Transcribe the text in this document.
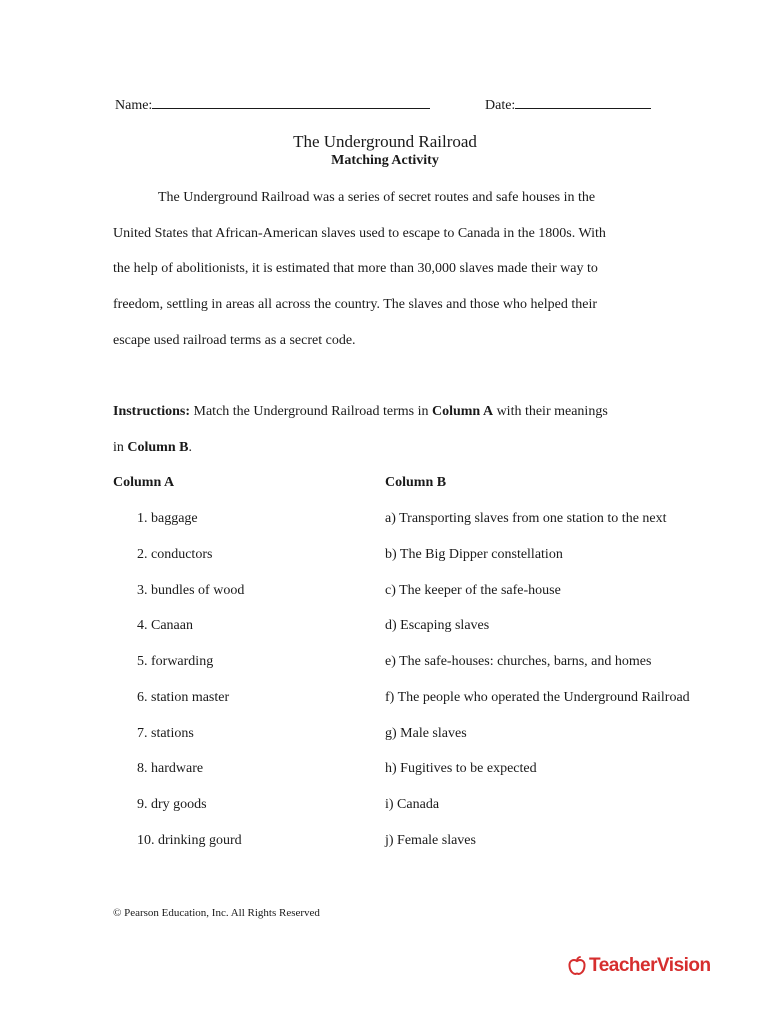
Name:	Date:
The Underground Railroad
Matching Activity
The Underground Railroad was a series of secret routes and safe houses in the
United States that African-American slaves used to escape to Canada in the 1800s. With
the help of abolitionists, it is estimated that more than 30,000 slaves made their way to
freedom, settling in areas all across the country. The slaves and those who helped their
escape used railroad terms as a secret code.
Instructions: Match the Underground Railroad terms in Column A with their meanings
in Column B.
Column A	Column B
1. baggage
2. conductors
3. bundles of wood
4. Canaan
5. forwarding
6. station master
7. stations
8. hardware
9. dry goods
10. drinking gourd
a) Transporting slaves from one station to the next
b) The Big Dipper constellation
c) The keeper of the safe-house
d) Escaping slaves
e) The safe-houses: churches, barns, and homes
f) The people who operated the Underground Railroad
g) Male slaves
h) Fugitives to be expected
i) Canada
j) Female slaves
© Pearson Education, Inc. All Rights Reserved
TeacherVision
